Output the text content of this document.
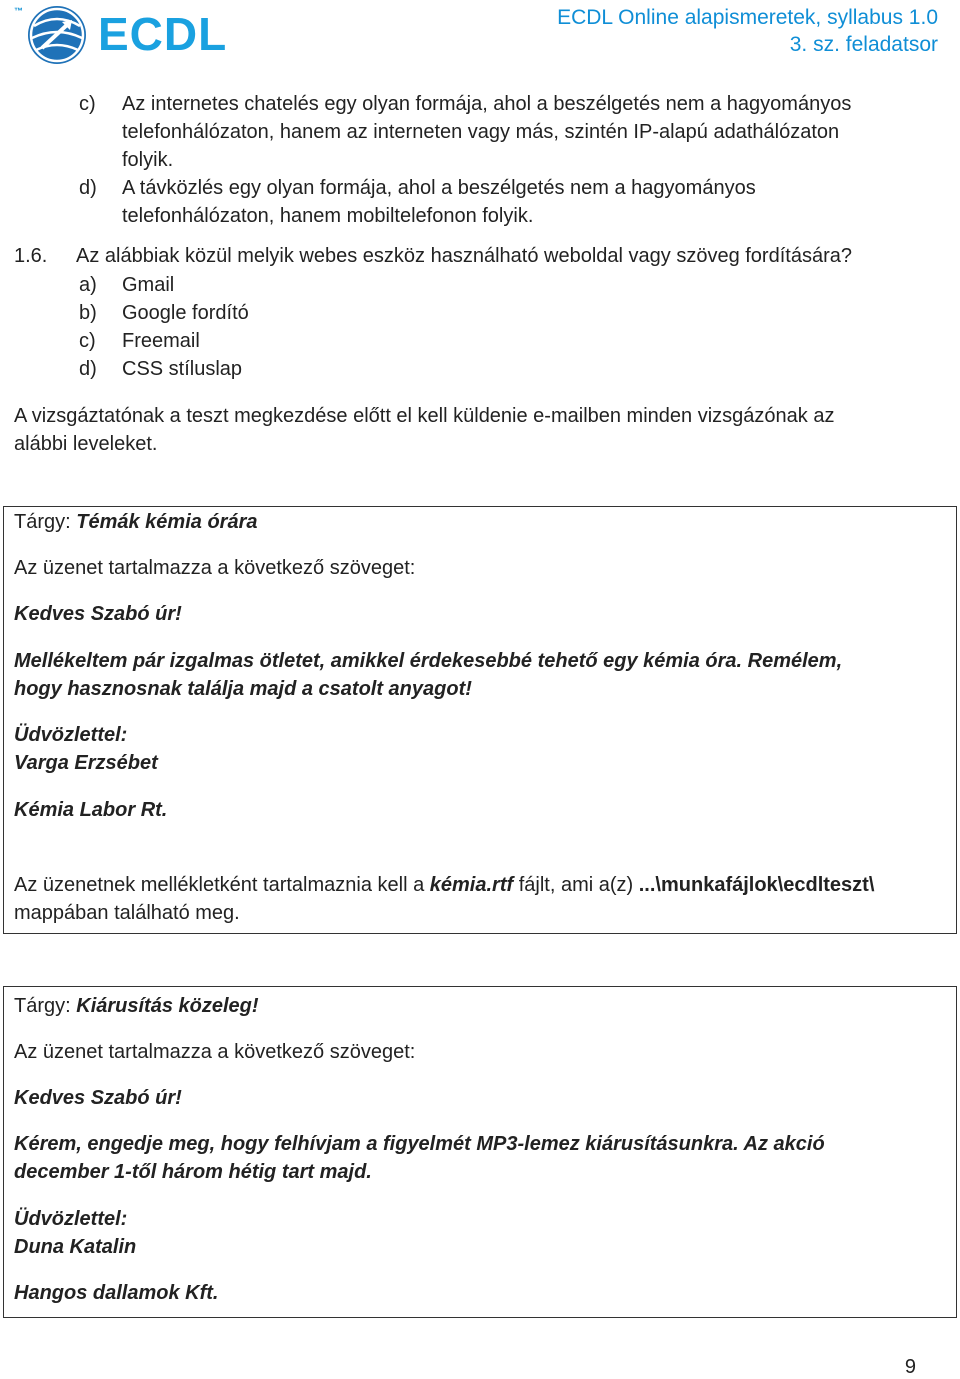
™ ECDL	ECDL Online alapismeretek, syllabus 1.0
3. sz. feladatsor
c) Az internetes chatelés egy olyan formája, ahol a beszélgetés nem a hagyományos
telefonhálózaton, hanem az interneten vagy más, szintén IP-alapú adathálózaton
folyik.
d) A távközlés egy olyan formája, ahol a beszélgetés nem a hagyományos
telefonhálózaton, hanem mobiltelefonon folyik.
1.6. Az alábbiak közül melyik webes eszköz használható weboldal vagy szöveg fordítására?
a) Gmail
b) Google fordító
c) Freemail
d) CSS stíluslap
A vizsgáztatónak a teszt megkezdése előtt el kell küldenie e-mailben minden vizsgázónak az
alábbi leveleket.
Tárgy: Témák kémia órára
Az üzenet tartalmazza a következő szöveget:
Kedves Szabó úr!
Mellékeltem pár izgalmas ötletet, amikkel érdekesebbé tehető egy kémia óra. Remélem,
hogy hasznosnak találja majd a csatolt anyagot!
Üdvözlettel:
Varga Erzsébet
Kémia Labor Rt.
Az üzenetnek mellékletként tartalmaznia kell a kémia.rtf fájlt, ami a(z) ...\munkafájlok\ecdlteszt\
mappában található meg.
Tárgy: Kiárusítás közeleg!
Az üzenet tartalmazza a következő szöveget:
Kedves Szabó úr!
Kérem, engedje meg, hogy felhívjam a figyelmét MP3-lemez kiárusításunkra. Az akció
december 1-től három hétig tart majd.
Üdvözlettel:
Duna Katalin
Hangos dallamok Kft.
9
